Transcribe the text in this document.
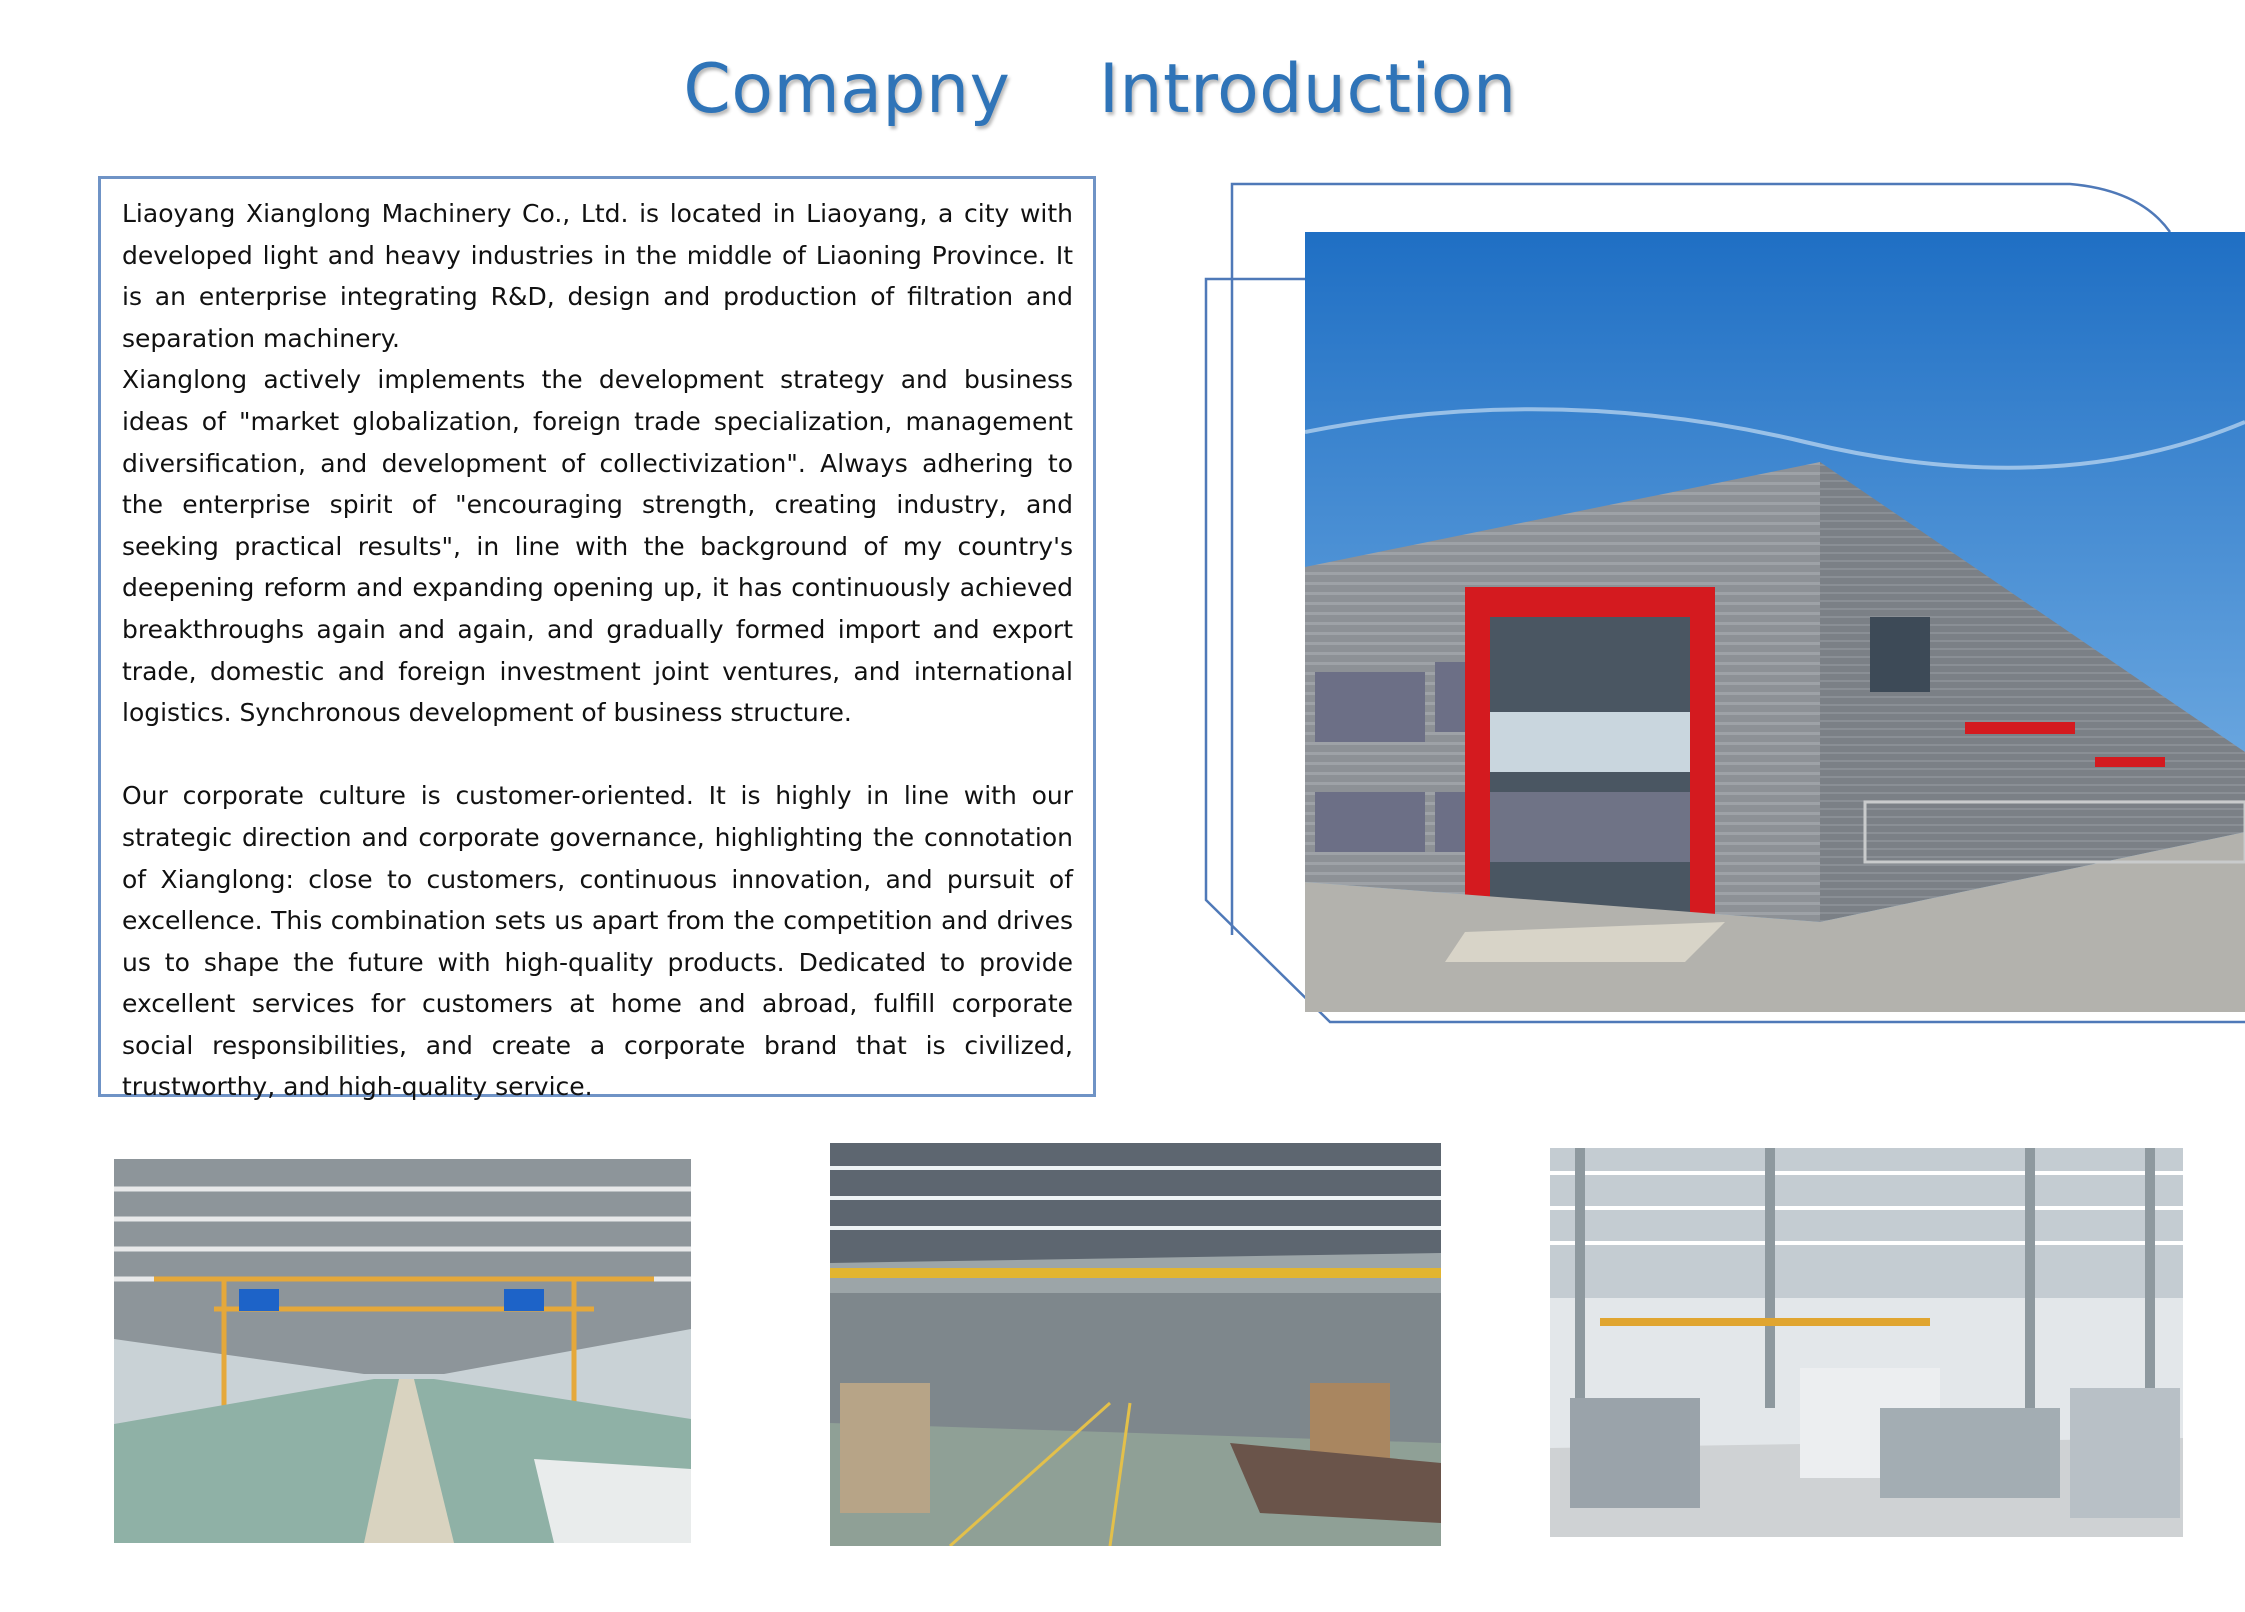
Comapny    Introduction

Liaoyang Xianglong Machinery Co., Ltd. is located in Liaoyang, a city with developed light and heavy industries in the middle of Liaoning Province. It is an enterprise integrating R&D, design and production of filtration and separation machinery.

Xianglong actively implements the development strategy and business ideas of "market globalization, foreign trade specialization, management diversification, and development of collectivization". Always adhering to the enterprise spirit of "encouraging strength, creating industry, and seeking practical results", in line with the background of my country's deepening reform and expanding opening up, it has continuously achieved breakthroughs again and again, and gradually formed import and export trade, domestic and foreign investment joint ventures, and international logistics. Synchronous development of business structure.

Our corporate culture is customer-oriented. It is highly in line with our strategic direction and corporate governance, highlighting the connotation of Xianglong: close to customers, continuous innovation, and pursuit of excellence. This combination sets us apart from the competition and drives us to shape the future with high-quality products. Dedicated to provide excellent services for customers at home and abroad, fulfill corporate social responsibilities, and create a corporate brand that is civilized, trustworthy, and high-quality service.
